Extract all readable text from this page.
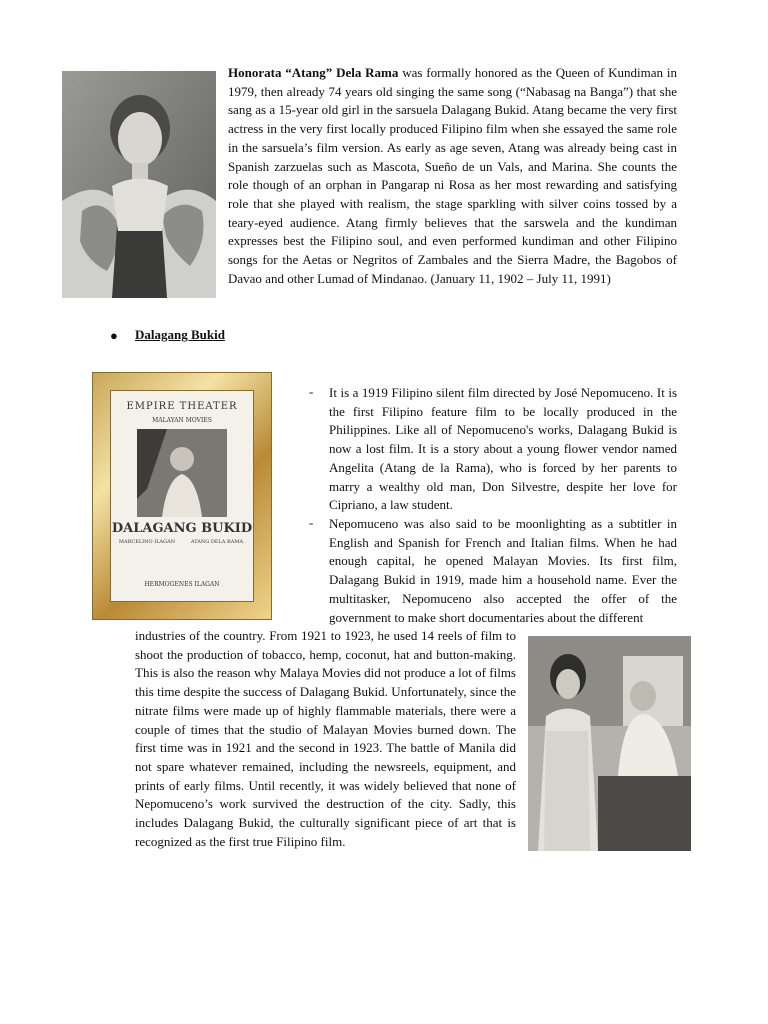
Honorata “Atang” Dela Rama was formally honored as the Queen of Kundiman in 1979, then already 74 years old singing the same song (“Nabasag na Banga”) that she sang as a 15-year old girl in the sarsuela Dalagang Bukid. Atang became the very first actress in the very first locally produced Filipino film when she essayed the same role in the sarsuela’s film version. As early as age seven, Atang was already being cast in Spanish zarzuelas such as Mascota, Sueño de un Vals, and Marina. She counts the role though of an orphan in Pangarap ni Rosa as her most rewarding and satisfying role that she played with realism, the stage sparkling with silver coins tossed by a teary-eyed audience. Atang firmly believes that the sarswela and the kundiman expresses best the Filipino soul, and even performed kundiman and other Filipino songs for the Aetas or Negritos of Zambales and the Sierra Madre, the Bagobos of Davao and other Lumad of Mindanao. (January 11, 1902 – July 11, 1991)

● Dalagang Bukid
EMPIRE THEATER
MALAYAN MOVIES
DALAGANG BUKID
MARCELINO ILAGAN	ATANG DELA RAMA
HERMOGENES ILAGAN
- It is a 1919 Filipino silent film directed by José Nepomuceno. It is the first Filipino feature film to be locally produced in the Philippines. Like all of Nepomuceno's works, Dalagang Bukid is now a lost film. It is a story about a young flower vendor named Angelita (Atang de la Rama), who is forced by her parents to marry a wealthy old man, Don Silvestre, despite her love for Cipriano, a law student.

- Nepomuceno was also said to be moonlighting as a subtitler in English and Spanish for French and Italian films. When he had enough capital, he opened Malayan Movies. Its first film, Dalagang Bukid in 1919, made him a household name. Ever the multitasker, Nepomuceno also accepted the offer of the government to make short documentaries about the different

industries of the country. From 1921 to 1923, he used 14 reels of film to shoot the production of tobacco, hemp, coconut, hat and button-making. This is also the reason why Malaya Movies did not produce a lot of films this time despite the success of Dalagang Bukid. Unfortunately, since the nitrate films were made up of highly flammable materials, there were a couple of times that the studio of Malayan Movies burned down. The first time was in 1921 and the second in 1923. The battle of Manila did not spare whatever remained, including the newsreels, equipment, and prints of early films. Until recently, it was widely believed that none of Nepomuceno’s work survived the destruction of the city. Sadly, this includes Dalagang Bukid, the culturally significant piece of art that is recognized as the first true Filipino film.
